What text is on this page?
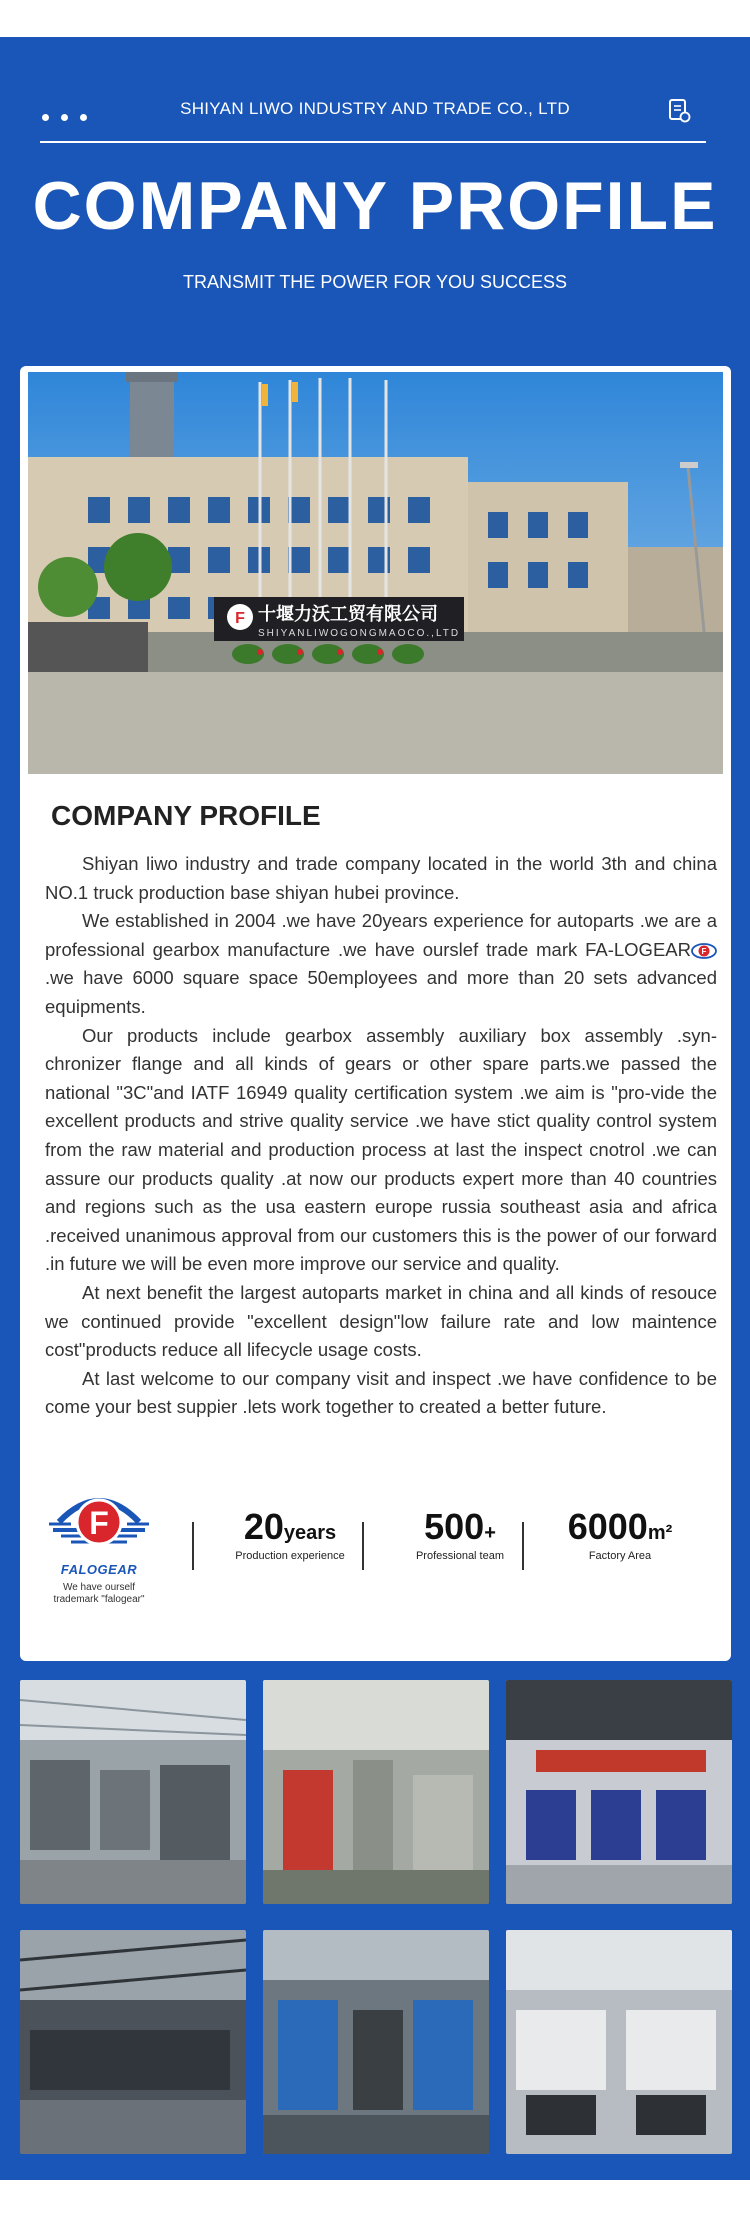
SHIYAN LIWO INDUSTRY AND TRADE CO., LTD
COMPANY PROFILE
TRANSMIT THE POWER FOR YOU SUCCESS
F 十堰力沃工贸有限公司
SHIYANLIWOGONGMAOCO.,LTD
COMPANY PROFILE

Shiyan liwo industry and trade company located in the world 3th and china NO.1 truck production base shiyan hubei province.

We established in 2004 .we have 20years experience for autoparts .we are a professional gearbox manufacture .we have ourslef trade mark FA-LOGEAR F
.we have 6000 square space 50employees and more than 20 sets advanced equipments.

Our products include gearbox assembly auxiliary box assembly .syn-chronizer flange and all kinds of gears or other spare parts.we passed the national "3C"and IATF 16949 quality certification system .we aim is "pro-vide the excellent products and strive quality service .we have stict quality control system from the raw material and production process at last the inspect cnotrol .we can assure our products quality .at now our products expert more than 40 countries and regions such as the usa eastern europe russia southeast asia and africa .received unanimous approval from our customers this is the power of our forward .in future we will be even more improve our service and quality.

At next benefit the largest autoparts market in china and all kinds of resouce we continued provide "excellent design"low failure rate and low maintence cost"products reduce all lifecycle usage costs.

At last welcome to our company visit and inspect .we have confidence to be come your best suppier .lets work together to created a better future.

F
FALOGEAR
We have ourself
trademark "falogear"
20years
Production experience
500+
Professional team
6000m²
Factory Area
